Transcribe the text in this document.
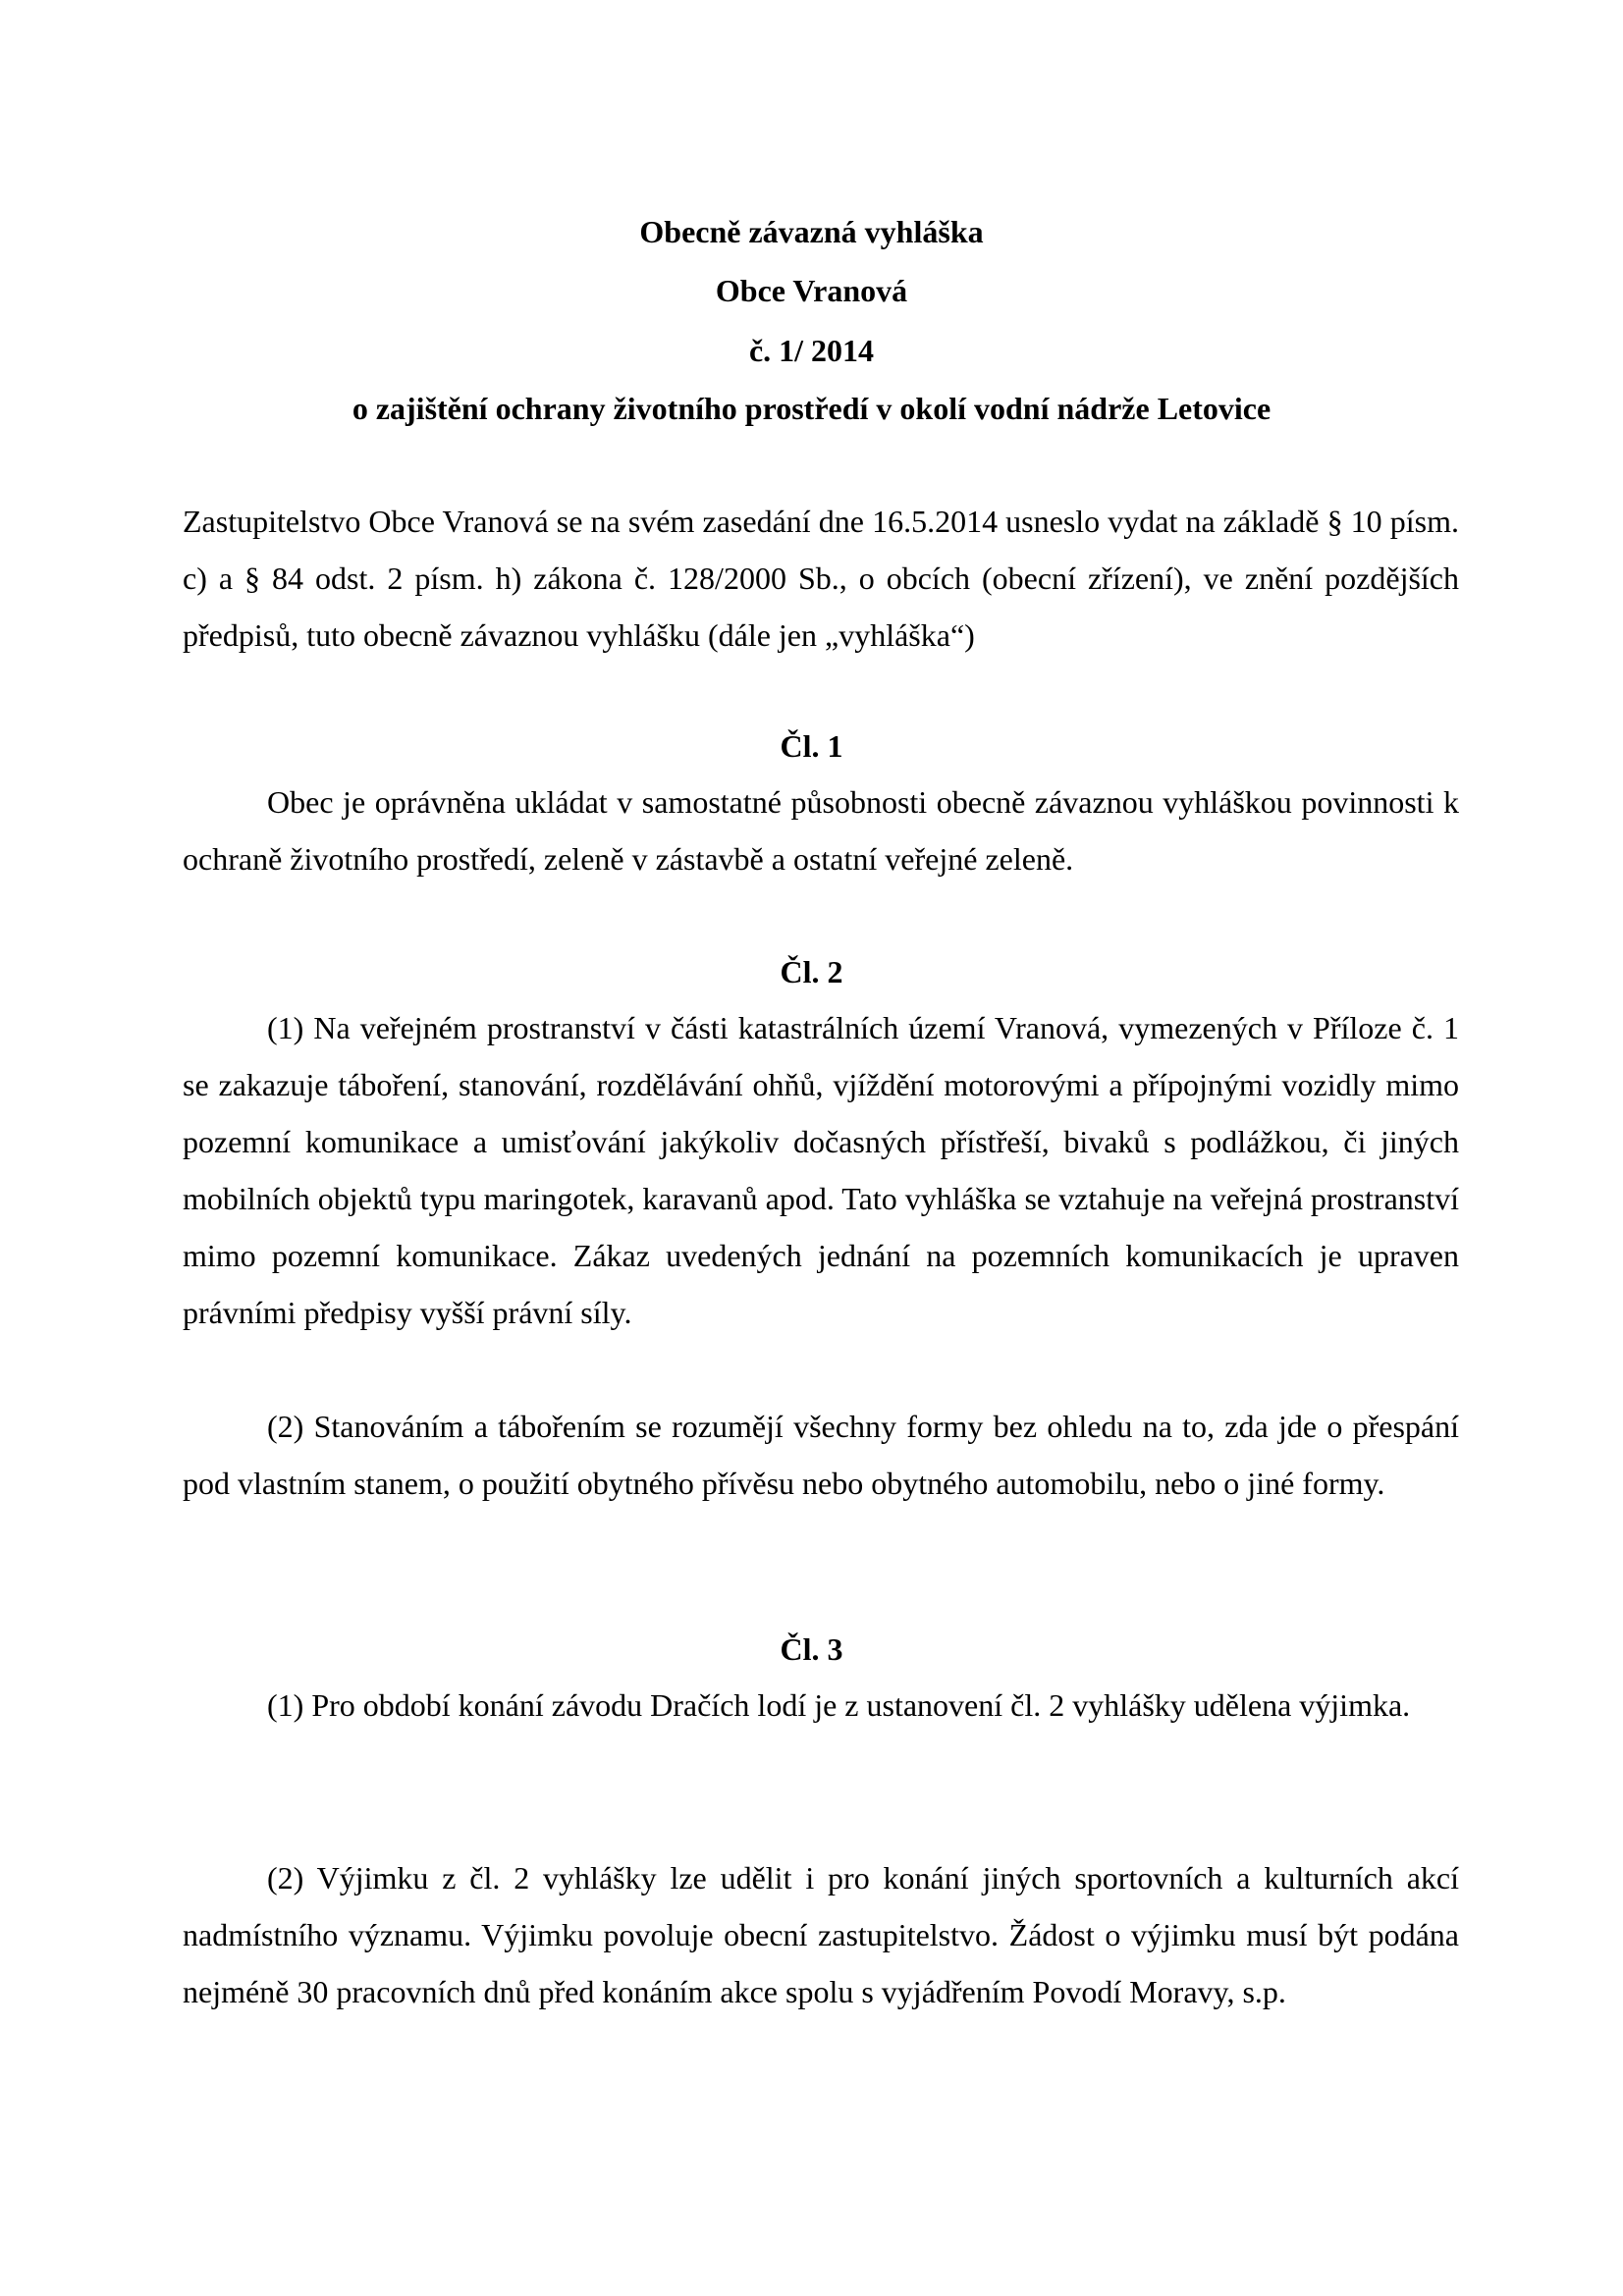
Obecně závazná vyhláška
Obce Vranová
č. 1/ 2014
o zajištění ochrany životního prostředí v okolí vodní nádrže Letovice
Zastupitelstvo Obce Vranová se na svém zasedání dne 16.5.2014 usneslo vydat na základě § 10 písm. c) a § 84 odst. 2 písm. h) zákona č. 128/2000 Sb., o obcích (obecní zřízení), ve znění pozdějších předpisů, tuto obecně závaznou vyhlášku (dále jen „vyhláška“)
Čl. 1
Obec je oprávněna ukládat v samostatné působnosti obecně závaznou vyhláškou povinnosti k ochraně životního prostředí, zeleně v zástavbě a ostatní veřejné zeleně.
Čl. 2
(1) Na veřejném prostranství v části katastrálních území Vranová, vymezených v Příloze č. 1 se zakazuje táboření, stanování, rozdělávání ohňů, vjíždění motorovými a přípojnými vozidly mimo pozemní komunikace a umisťování jakýkoliv dočasných přístřeší, bivaků s podlážkou, či jiných mobilních objektů typu maringotek, karavanů apod. Tato vyhláška se vztahuje na veřejná prostranství mimo pozemní komunikace. Zákaz uvedených jednání na pozemních komunikacích je upraven právními předpisy vyšší právní síly.
(2) Stanováním a tábořením se rozumějí všechny formy bez ohledu na to, zda jde o přespání pod vlastním stanem, o použití obytného přívěsu nebo obytného automobilu, nebo o jiné formy.
Čl. 3
(1) Pro období konání závodu Dračích lodí je z ustanovení čl. 2 vyhlášky udělena výjimka.
(2) Výjimku z čl. 2 vyhlášky lze udělit i pro konání jiných sportovních a kulturních akcí nadmístního významu. Výjimku povoluje obecní zastupitelstvo. Žádost o výjimku musí být podána nejméně 30 pracovních dnů před konáním akce spolu s vyjádřením Povodí Moravy, s.p.
